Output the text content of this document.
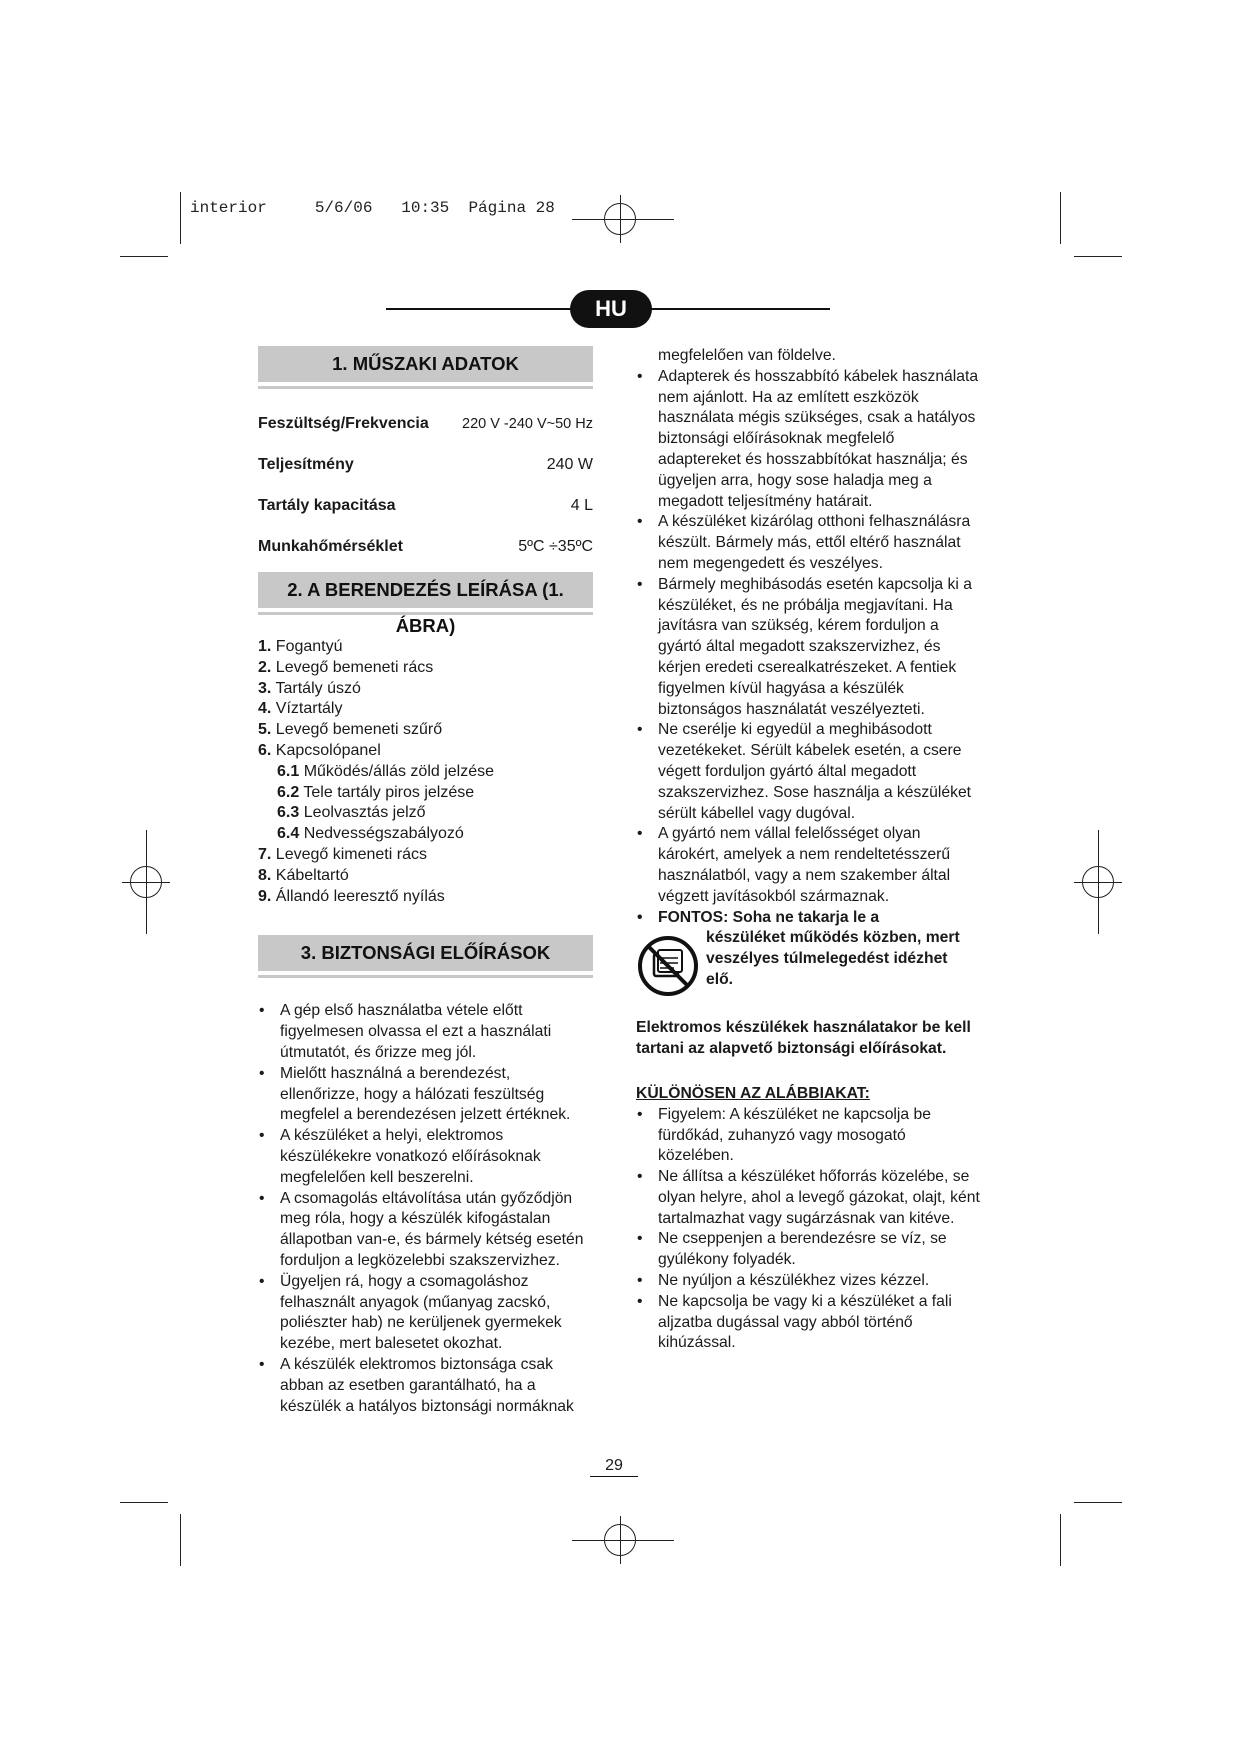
interior     5/6/06   10:35  Página 28
HU
1. MŰSZAKI ADATOK
Feszültség/Frekvencia 220 V -240 V~50 Hz
Teljesítmény	240 W
Tartály kapacitása	4 L
Munkahőmérséklet	5ºC ÷35ºC
2. A BERENDEZÉS LEÍRÁSA (1. ÁBRA)
1. Fogantyú
2. Levegő bemeneti rács
3. Tartály úszó
4. Víztartály
5. Levegő bemeneti szűrő
6. Kapcsolópanel
6.1 Működés/állás zöld jelzése
6.2 Tele tartály piros jelzése
6.3 Leolvasztás jelző
6.4 Nedvességszabályozó
7. Levegő kimeneti rács
8. Kábeltartó
9. Állandó leeresztő nyílás
3. BIZTONSÁGI ELŐÍRÁSOK
• A gép első használatba vétele előtt figyelmesen olvassa el ezt a használati útmutatót, és őrizze meg jól.
• Mielőtt használná a berendezést, ellenőrizze, hogy a hálózati feszültség megfelel a berendezésen jelzett értéknek.
• A készüléket a helyi, elektromos készülékekre vonatkozó előírásoknak megfelelően kell beszerelni.
• A csomagolás eltávolítása után győződjön meg róla, hogy a készülék kifogástalan állapotban van-e, és bármely kétség esetén forduljon a legközelebbi szakszervizhez.
• Ügyeljen rá, hogy a csomagoláshoz felhasznált anyagok (műanyag zacskó, poliészter hab) ne kerüljenek gyermekek kezébe, mert balesetet okozhat.
• A készülék elektromos biztonsága csak abban az esetben garantálható, ha a készülék a hatályos biztonsági normáknak
megfelelően van földelve.
• Adapterek és hosszabbító kábelek használata nem ajánlott. Ha az említett eszközök használata mégis szükséges, csak a hatályos biztonsági előírásoknak megfelelő adaptereket és hosszabbítókat használja; és ügyeljen arra, hogy sose haladja meg a megadott teljesítmény határait.
• A készüléket kizárólag otthoni felhasználásra készült. Bármely más, ettől eltérő használat nem megengedett és veszélyes.
• Bármely meghibásodás esetén kapcsolja ki a készüléket, és ne próbálja megjavítani. Ha javításra van szükség, kérem forduljon a gyártó által megadott szakszervizhez, és kérjen eredeti cserealkatrészeket. A fentiek figyelmen kívül hagyása a készülék biztonságos használatát veszélyezteti.
• Ne cserélje ki egyedül a meghibásodott vezetékeket. Sérült kábelek esetén, a csere végett forduljon gyártó által megadott szakszervizhez. Sose használja a készüléket sérült kábellel vagy dugóval.
• A gyártó nem vállal felelősséget olyan károkért, amelyek a nem rendeltetésszerű használatból, vagy a nem szakember által végzett javításokból származnak.
• FONTOS: Soha ne takarja le a
készüléket működés közben, mert
veszélyes túlmelegedést idézhet
elő.
Elektromos készülékek használatakor be kell tartani az alapvető biztonsági előírásokat.
KÜLÖNÖSEN AZ ALÁBBIAKAT:
• Figyelem: A készüléket ne kapcsolja be fürdőkád, zuhanyzó vagy mosogató közelében.
• Ne állítsa a készüléket hőforrás közelébe, se olyan helyre, ahol a levegő gázokat, olajt, ként tartalmazhat vagy sugárzásnak van kitéve.
• Ne cseppenjen a berendezésre se víz, se gyúlékony folyadék.
• Ne nyúljon a készülékhez vizes kézzel.
• Ne kapcsolja be vagy ki a készüléket a fali aljzatba dugással vagy abból történő kihúzással.
29
